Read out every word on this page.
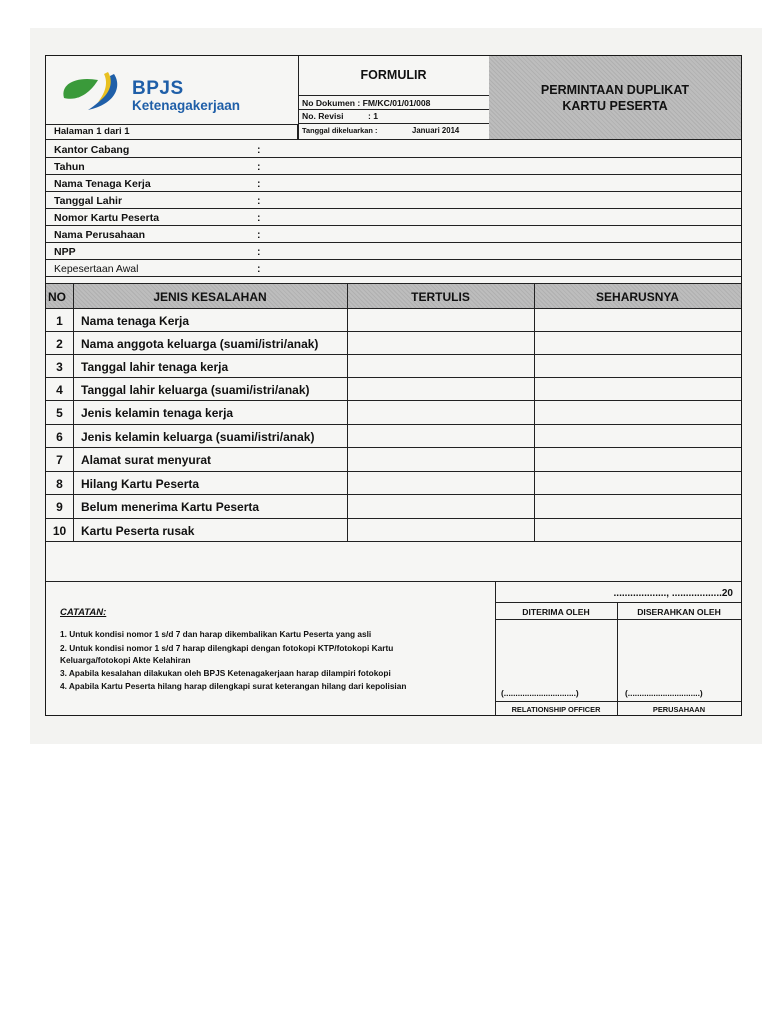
BPJS
Ketenagakerjaan
Halaman 1 dari 1
FORMULIR
No Dokumen : FM/KC/01/01/008
No. Revisi	: 1
Tanggal dikeluarkan :	Januari 2014
PERMINTAAN DUPLIKAT
KARTU PESERTA
Kantor Cabang	:
Tahun	:
Nama Tenaga Kerja	:
Tanggal Lahir	:
Nomor Kartu Peserta	:
Nama Perusahaan	:
NPP	:
Kepesertaan Awal	:
NO	JENIS KESALAHAN	TERTULIS	SEHARUSNYA
1	Nama tenaga Kerja
2	Nama anggota keluarga (suami/istri/anak)
3	Tanggal lahir tenaga kerja
4	Tanggal lahir keluarga (suami/istri/anak)
5	Jenis kelamin tenaga kerja
6	Jenis kelamin keluarga (suami/istri/anak)
7	Alamat surat menyurat
8	Hilang Kartu Peserta
9	Belum menerima Kartu Peserta
10	Kartu Peserta rusak
CATATAN:
1. Untuk kondisi nomor 1 s/d 7 dan harap dikembalikan Kartu Peserta yang asli
2. Untuk kondisi nomor 1 s/d 7 harap dilengkapi dengan fotokopi KTP/fotokopi Kartu
Keluarga/fotokopi Akte Kelahiran
3. Apabila kesalahan dilakukan oleh BPJS Ketenagakerjaan harap dilampiri fotokopi
4. Apabila Kartu Peserta hilang harap dilengkapi surat keterangan hilang dari kepolisian
..................., ..................20
DITERIMA OLEH	DISERAHKAN OLEH
(...............................)	(...............................)
RELATIONSHIP OFFICER	PERUSAHAAN
